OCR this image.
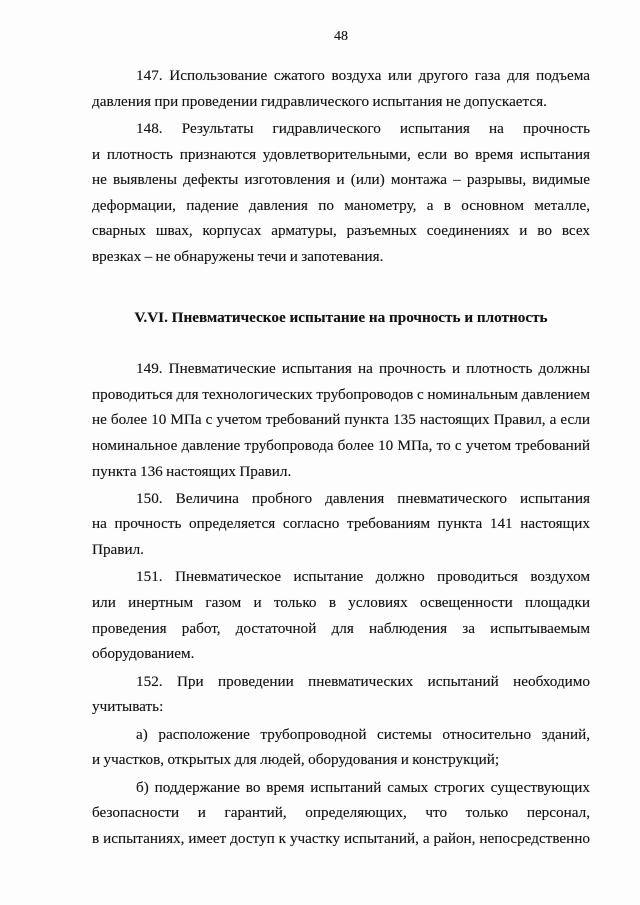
48
147. Использование сжатого воздуха или другого газа для подъема
давления при проведении гидравлического испытания не допускается.
148. Результаты гидравлического испытания на прочность
и плотность признаются удовлетворительными, если во время испытания
не выявлены дефекты изготовления и (или) монтажа – разрывы, видимые
деформации, падение давления по манометру, а в основном металле,
сварных швах, корпусах арматуры, разъемных соединениях и во всех
врезках – не обнаружены течи и запотевания.
V.VI. Пневматическое испытание на прочность и плотность
149. Пневматические испытания на прочность и плотность должны
проводиться для технологических трубопроводов с номинальным давлением
не более 10 МПа с учетом требований пункта 135 настоящих Правил, а если
номинальное давление трубопровода более 10 МПа, то с учетом требований
пункта 136 настоящих Правил.
150. Величина пробного давления пневматического испытания
на прочность определяется согласно требованиям пункта 141 настоящих
Правил.
151. Пневматическое испытание должно проводиться воздухом
или инертным газом и только в условиях освещенности площадки
проведения работ, достаточной для наблюдения за испытываемым
оборудованием.
152. При проведении пневматических испытаний необходимо
учитывать:
а) расположение трубопроводной системы относительно зданий,
и участков, открытых для людей, оборудования и конструкций;
б) поддержание во время испытаний самых строгих существующих
безопасности и гарантий, определяющих, что только персонал,
в испытаниях, имеет доступ к участку испытаний, а район, непосредственно
